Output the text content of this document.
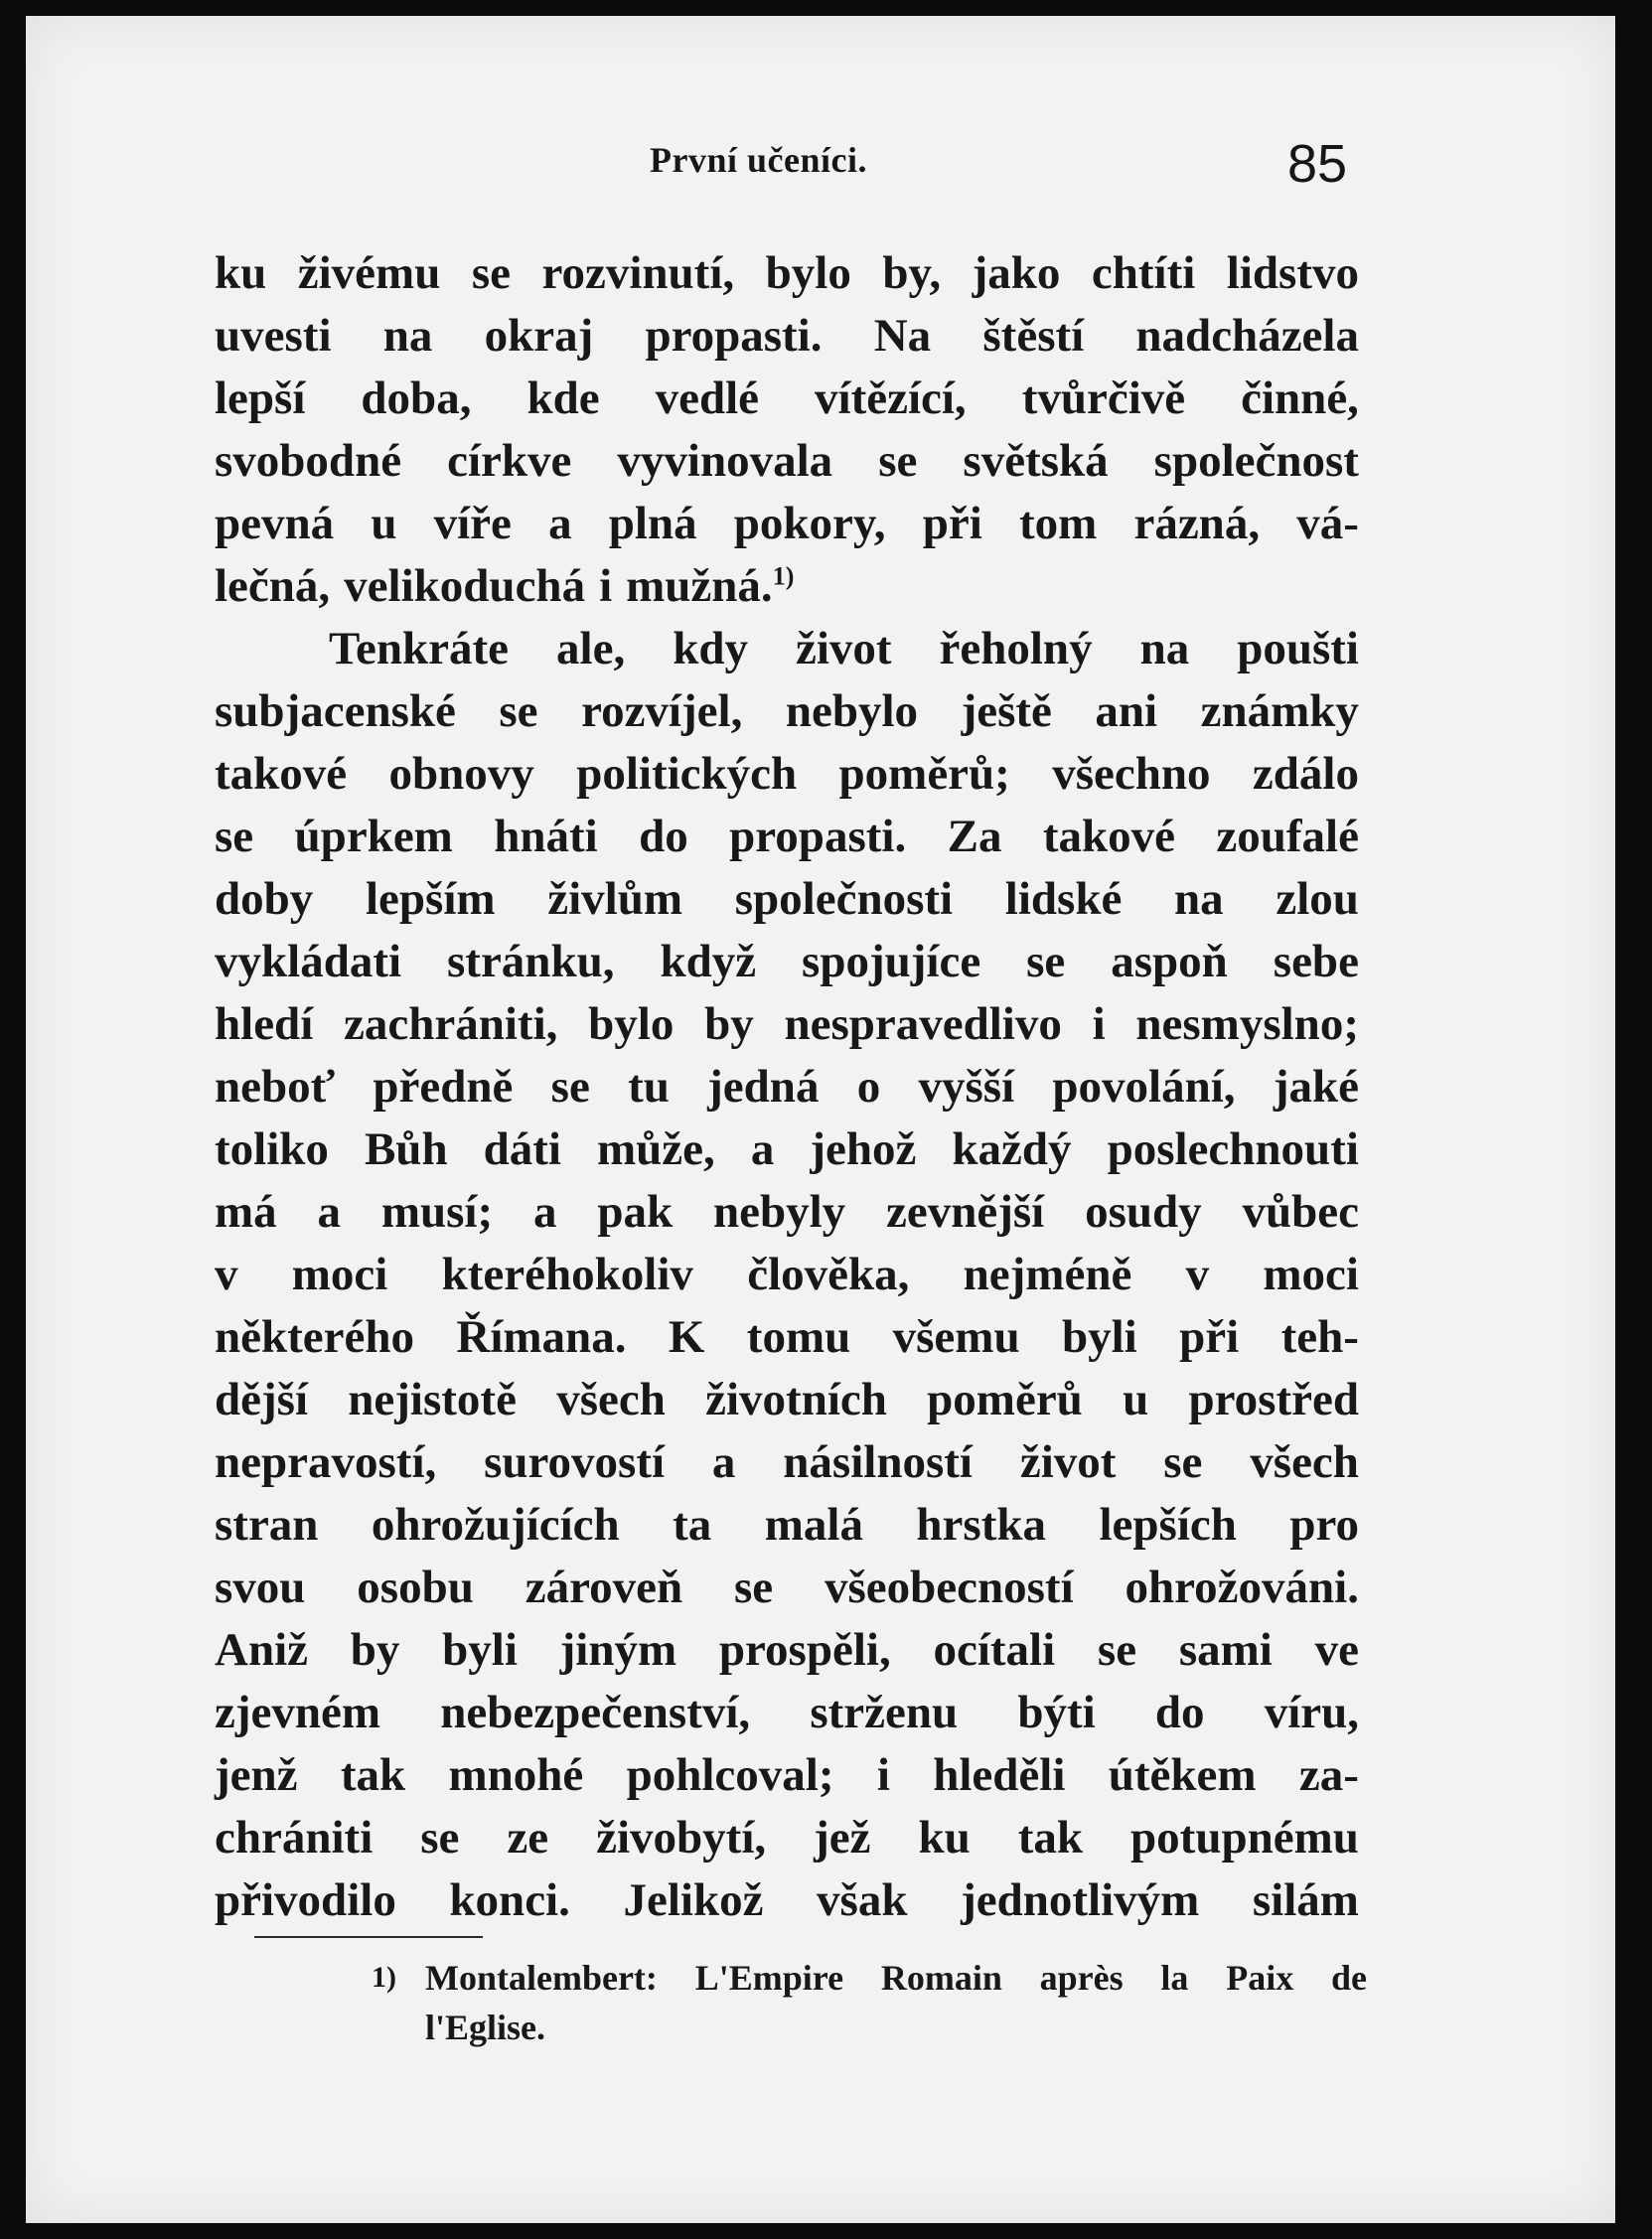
První učeníci.	85
ku živému se rozvinutí, bylo by, jako chtíti lidstvo
uvesti na okraj propasti. Na štěstí nadcházela
lepší doba, kde vedlé vítězící, tvůrčivě činné,
svobodné církve vyvinovala se světská společnost
pevná u víře a plná pokory, při tom rázná, vá-
lečná, velikoduchá i mužná.$^{1)}$
Tenkráte ale, kdy život řeholný na poušti
subjacenské se rozvíjel, nebylo ještě ani známky
takové obnovy politických poměrů; všechno zdálo
se úprkem hnáti do propasti. Za takové zoufalé
doby lepším živlům společnosti lidské na zlou
vykládati stránku, když spojujíce se aspoň sebe
hledí zachrániti, bylo by nespravedlivo i nesmyslno;
neboť předně se tu jedná o vyšší povolání, jaké
toliko Bůh dáti může, a jehož každý poslechnouti
má a musí; a pak nebyly zevnější osudy vůbec
v moci kteréhokoliv člověka, nejméně v moci
některého Římana. K tomu všemu byli při teh-
dější nejistotě všech životních poměrů u prostřed
nepravostí, surovostí a násilností život se všech
stran ohrožujících ta malá hrstka lepších pro
svou osobu zároveň se všeobecností ohrožováni.
Aniž by byli jiným prospěli, ocítali se sami ve
zjevném nebezpečenství, strženu býti do víru,
jenž tak mnohé pohlcoval; i hleděli útěkem za-
chrániti se ze živobytí, jež ku tak potupnému
přivodilo konci. Jelikož však jednotlivým silám
$^{1)}$ Montalembert: L'Empire Romain après la Paix de
l'Eglise.
